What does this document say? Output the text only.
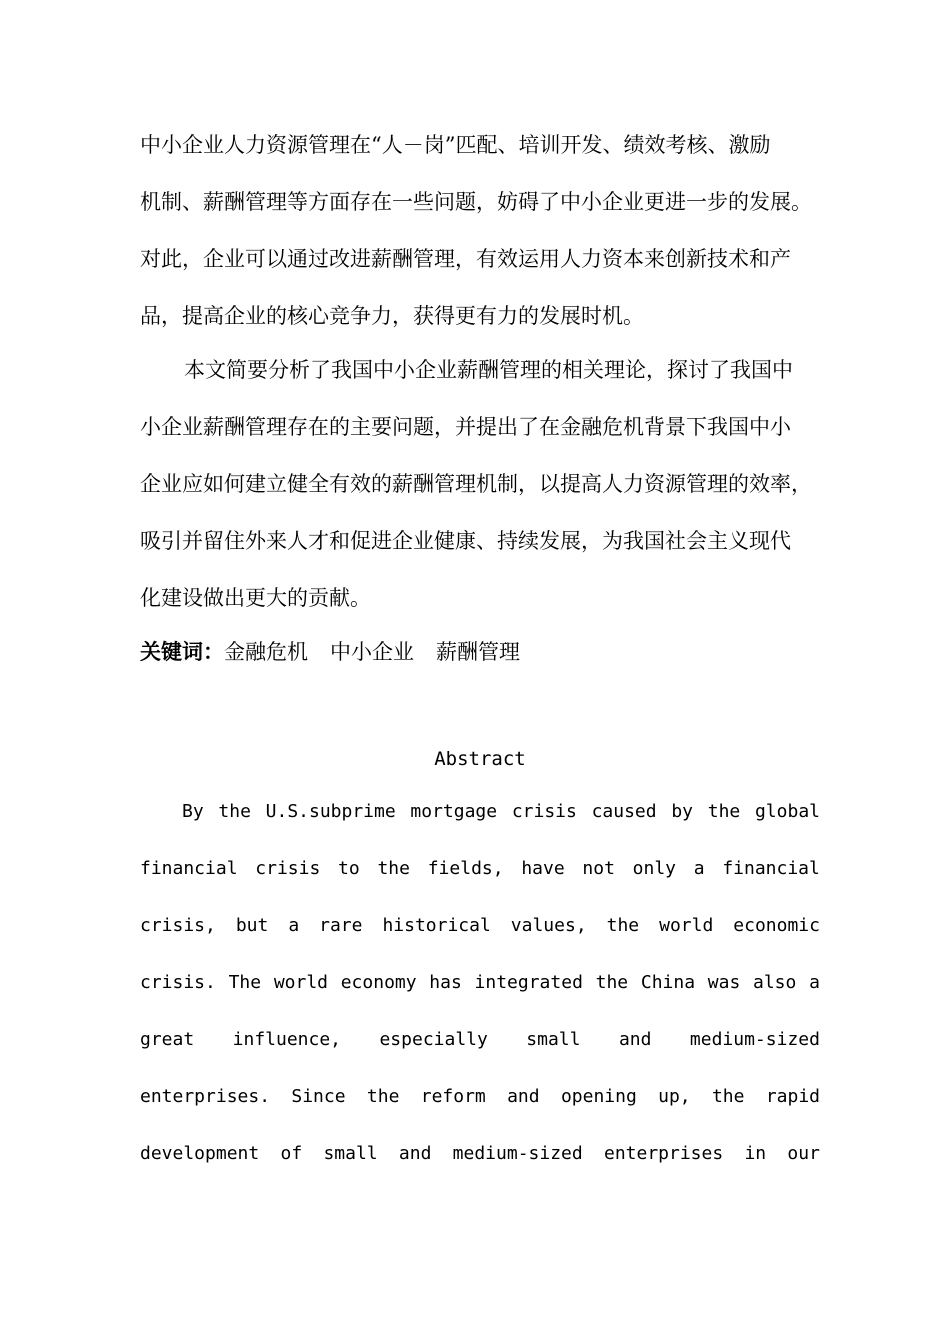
中小企业人力资源管理在“人－岗”匹配、培训开发、绩效考核、激励
机制、薪酬管理等方面存在一些问题，妨碍了中小企业更进一步的发展。
对此，企业可以通过改进薪酬管理，有效运用人力资本来创新技术和产
品，提高企业的核心竞争力，获得更有力的发展时机。
本文简要分析了我国中小企业薪酬管理的相关理论，探讨了我国中
小企业薪酬管理存在的主要问题，并提出了在金融危机背景下我国中小
企业应如何建立健全有效的薪酬管理机制，以提高人力资源管理的效率，
吸引并留住外来人才和促进企业健康、持续发展，为我国社会主义现代
化建设做出更大的贡献。
关键词：金融危机 中小企业 薪酬管理
Abstract
By the U.S.subprime mortgage crisis caused by the global
financial crisis to the fields, have not only a financial
crisis, but a rare historical values, the world economic
crisis. The world economy has integrated the China was also a
great influence, especially small and medium-sized
enterprises. Since the reform and opening up, the rapid
development of small and medium-sized enterprises in our
